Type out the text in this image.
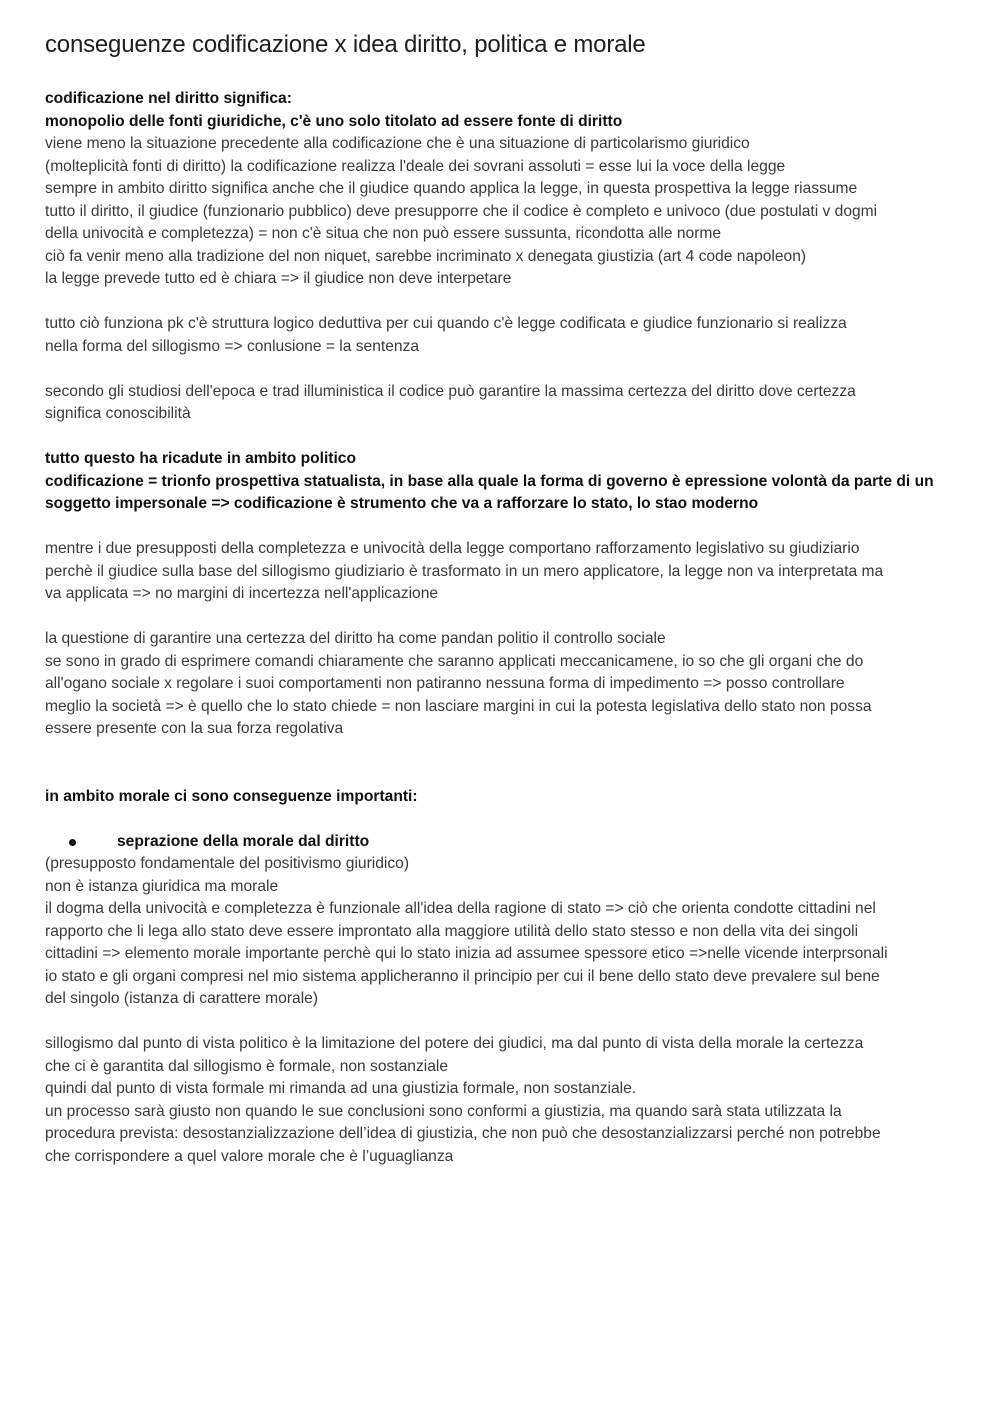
conseguenze codificazione x idea diritto, politica e morale
codificazione nel diritto significa:
monopolio delle fonti giuridiche, c'è uno solo titolato ad essere fonte di diritto
viene meno la situazione precedente alla codificazione che è una situazione di particolarismo giuridico
(molteplicità fonti di diritto) la codificazione realizza l'deale dei sovrani assoluti = esse lui la voce della legge
sempre in ambito diritto significa anche che il giudice quando applica la legge, in questa prospettiva la legge riassume
tutto il diritto, il giudice (funzionario pubblico) deve presupporre che il codice è completo e univoco (due postulati v dogmi
della univocità e completezza) = non c'è situa che non può essere sussunta, ricondotta alle norme
ciò fa venir meno alla tradizione del non niquet, sarebbe incriminato x denegata giustizia (art 4 code napoleon)
la legge prevede tutto ed è chiara => il giudice non deve interpetare
tutto ciò funziona pk c'è struttura logico deduttiva per cui quando c'è legge codificata e giudice funzionario si realizza
nella forma del sillogismo => conlusione = la sentenza
secondo gli studiosi dell'epoca e trad illuministica il codice può garantire la massima certezza del diritto dove certezza
significa conoscibilità
tutto questo ha ricadute in ambito politico
codificazione = trionfo prospettiva statualista, in base alla quale la forma di governo è epressione volontà da parte di un
soggetto impersonale => codificazione è strumento che va a rafforzare lo stato, lo stao moderno
mentre i due presupposti della completezza e univocità della legge comportano rafforzamento legislativo su giudiziario
perchè il giudice sulla base del sillogismo giudiziario è trasformato in un mero applicatore, la legge non va interpretata ma
va applicata => no margini di incertezza nell'applicazione
la questione di garantire una certezza del diritto ha come pandan politio il controllo sociale
se sono in grado di esprimere comandi chiaramente che saranno applicati meccanicamene, io so che gli organi che do
all'ogano sociale x regolare i suoi comportamenti non patiranno nessuna forma di impedimento => posso controllare
meglio la società => è quello che lo stato chiede = non lasciare margini in cui la potesta legislativa dello stato non possa
essere presente con la sua forza regolativa
in ambito morale ci sono conseguenze importanti:
seprazione della morale dal diritto
(presupposto fondamentale del positivismo giuridico)
non è istanza giuridica ma morale
il dogma della univocità e completezza è funzionale all'idea della ragione di stato => ciò che orienta condotte cittadini nel
rapporto che li lega allo stato deve essere improntato alla maggiore utilità dello stato stesso e non della vita dei singoli
cittadini => elemento morale importante perchè qui lo stato inizia ad assumee spessore etico =>nelle vicende interprsonali
io stato e gli organi compresi nel mio sistema applicheranno il principio per cui il bene dello stato deve prevalere sul bene
del singolo (istanza di carattere morale)
sillogismo dal punto di vista politico è la limitazione del potere dei giudici, ma dal punto di vista della morale la certezza
che ci è garantita dal sillogismo è formale, non sostanziale
quindi dal punto di vista formale mi rimanda ad una giustizia formale, non sostanziale.
un processo sarà giusto non quando le sue conclusioni sono conformi a giustizia, ma quando sarà stata utilizzata la
procedura prevista: desostanzializzazione dell’idea di giustizia, che non può che desostanzializzarsi perché non potrebbe
che corrispondere a quel valore morale che è l’uguaglianza
